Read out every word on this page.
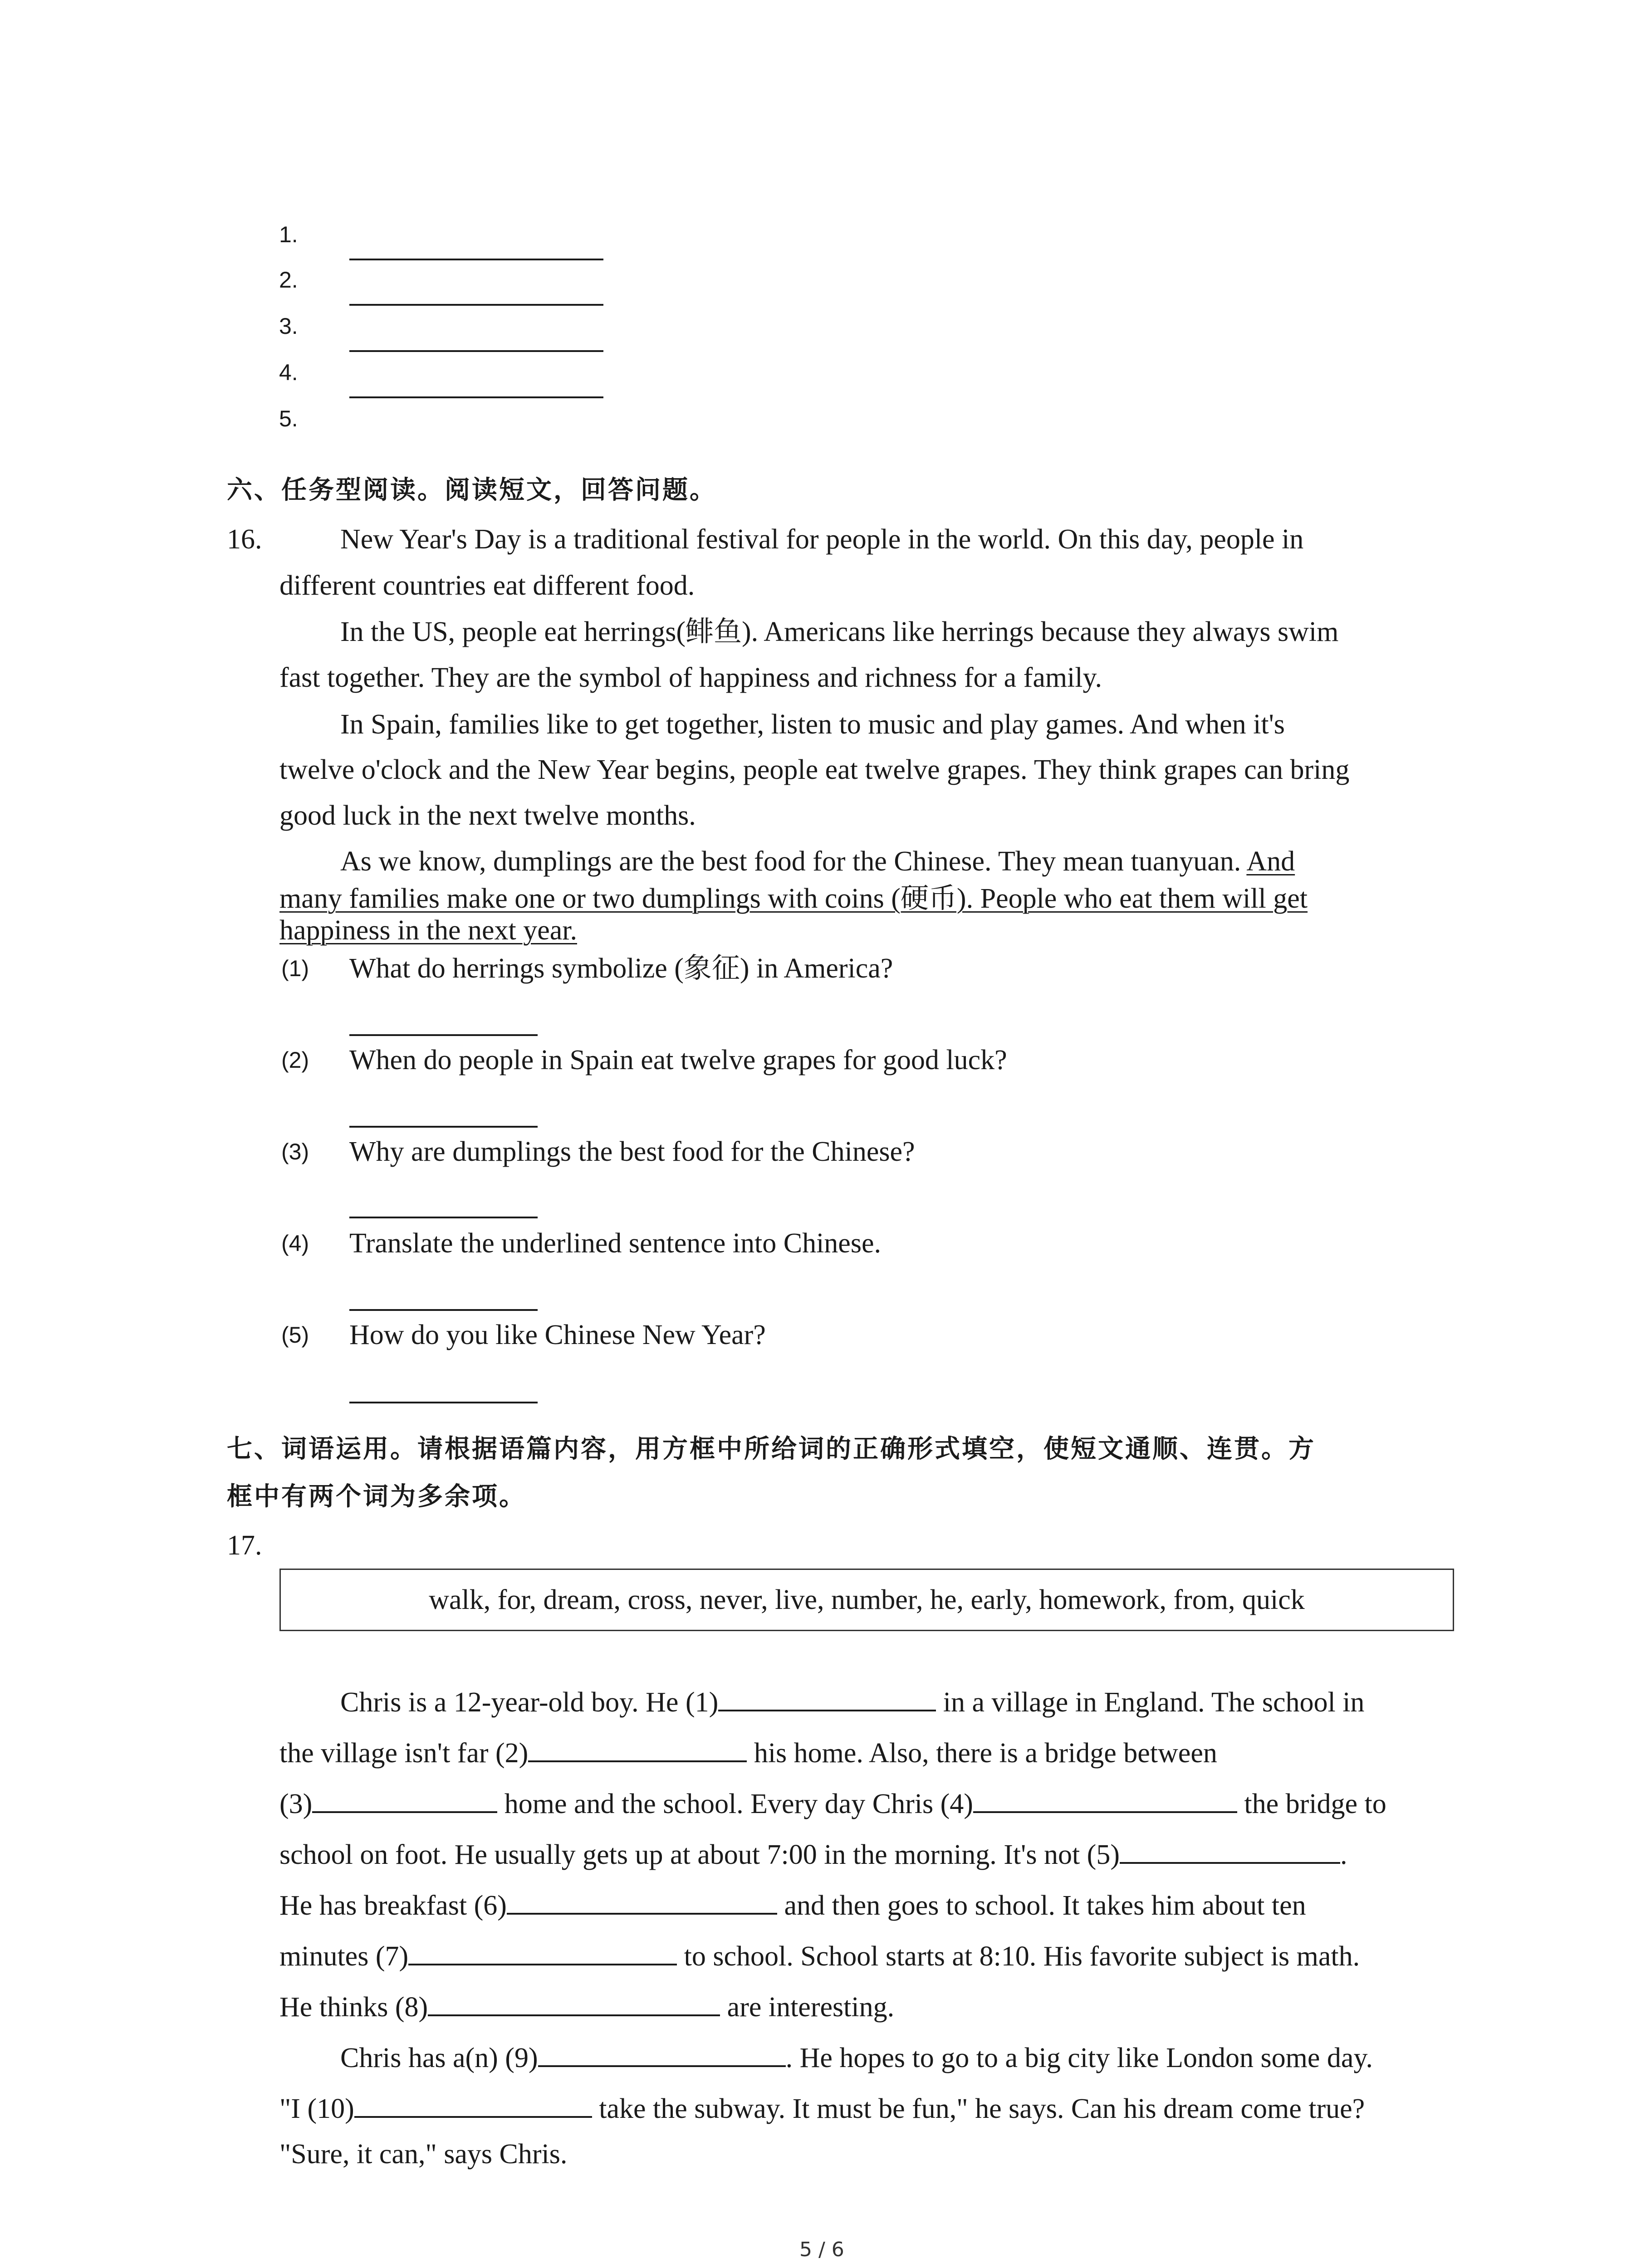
1.
2.
3.
4.
5.
六、任务型阅读。阅读短文，回答问题。
16.	New Year's Day is a traditional festival for people in the world. On this day, people in
different countries eat different food.
In the US, people eat herrings(鲱鱼). Americans like herrings because they always swim
fast together. They are the symbol of happiness and richness for a family.
In Spain, families like to get together, listen to music and play games. And when it's
twelve o'clock and the New Year begins, people eat twelve grapes. They think grapes can bring
good luck in the next twelve months.
As we know, dumplings are the best food for the Chinese. They mean tuanyuan. And
many families make one or two dumplings with coins (硬币). People who eat them will get
happiness in the next year.
(1) What do herrings symbolize (象征) in America?
(2) When do people in Spain eat twelve grapes for good luck?
(3) Why are dumplings the best food for the Chinese?
(4) Translate the underlined sentence into Chinese.
(5) How do you like Chinese New Year?
七、词语运用。请根据语篇内容，用方框中所给词的正确形式填空，使短文通顺、连贯。方
框中有两个词为多余项。
17.
walk, for, dream, cross, never, live, number, he, early, homework, from, quick
Chris is a 12-year-old boy. He (1)	in a village in England. The school in
the village isn't far (2)	his home. Also, there is a bridge between
(3)	home and the school. Every day Chris (4)	the bridge to
school on foot. He usually gets up at about 7:00 in the morning. It's not (5)	.
He has breakfast (6)	and then goes to school. It takes him about ten
minutes (7)	to school. School starts at 8:10. His favorite subject is math.
He thinks (8)	are interesting.
Chris has a(n) (9)	. He hopes to go to a big city like London some day.
"I (10)	take the subway. It must be fun," he says. Can his dream come true?
"Sure, it can," says Chris.
5 / 6
